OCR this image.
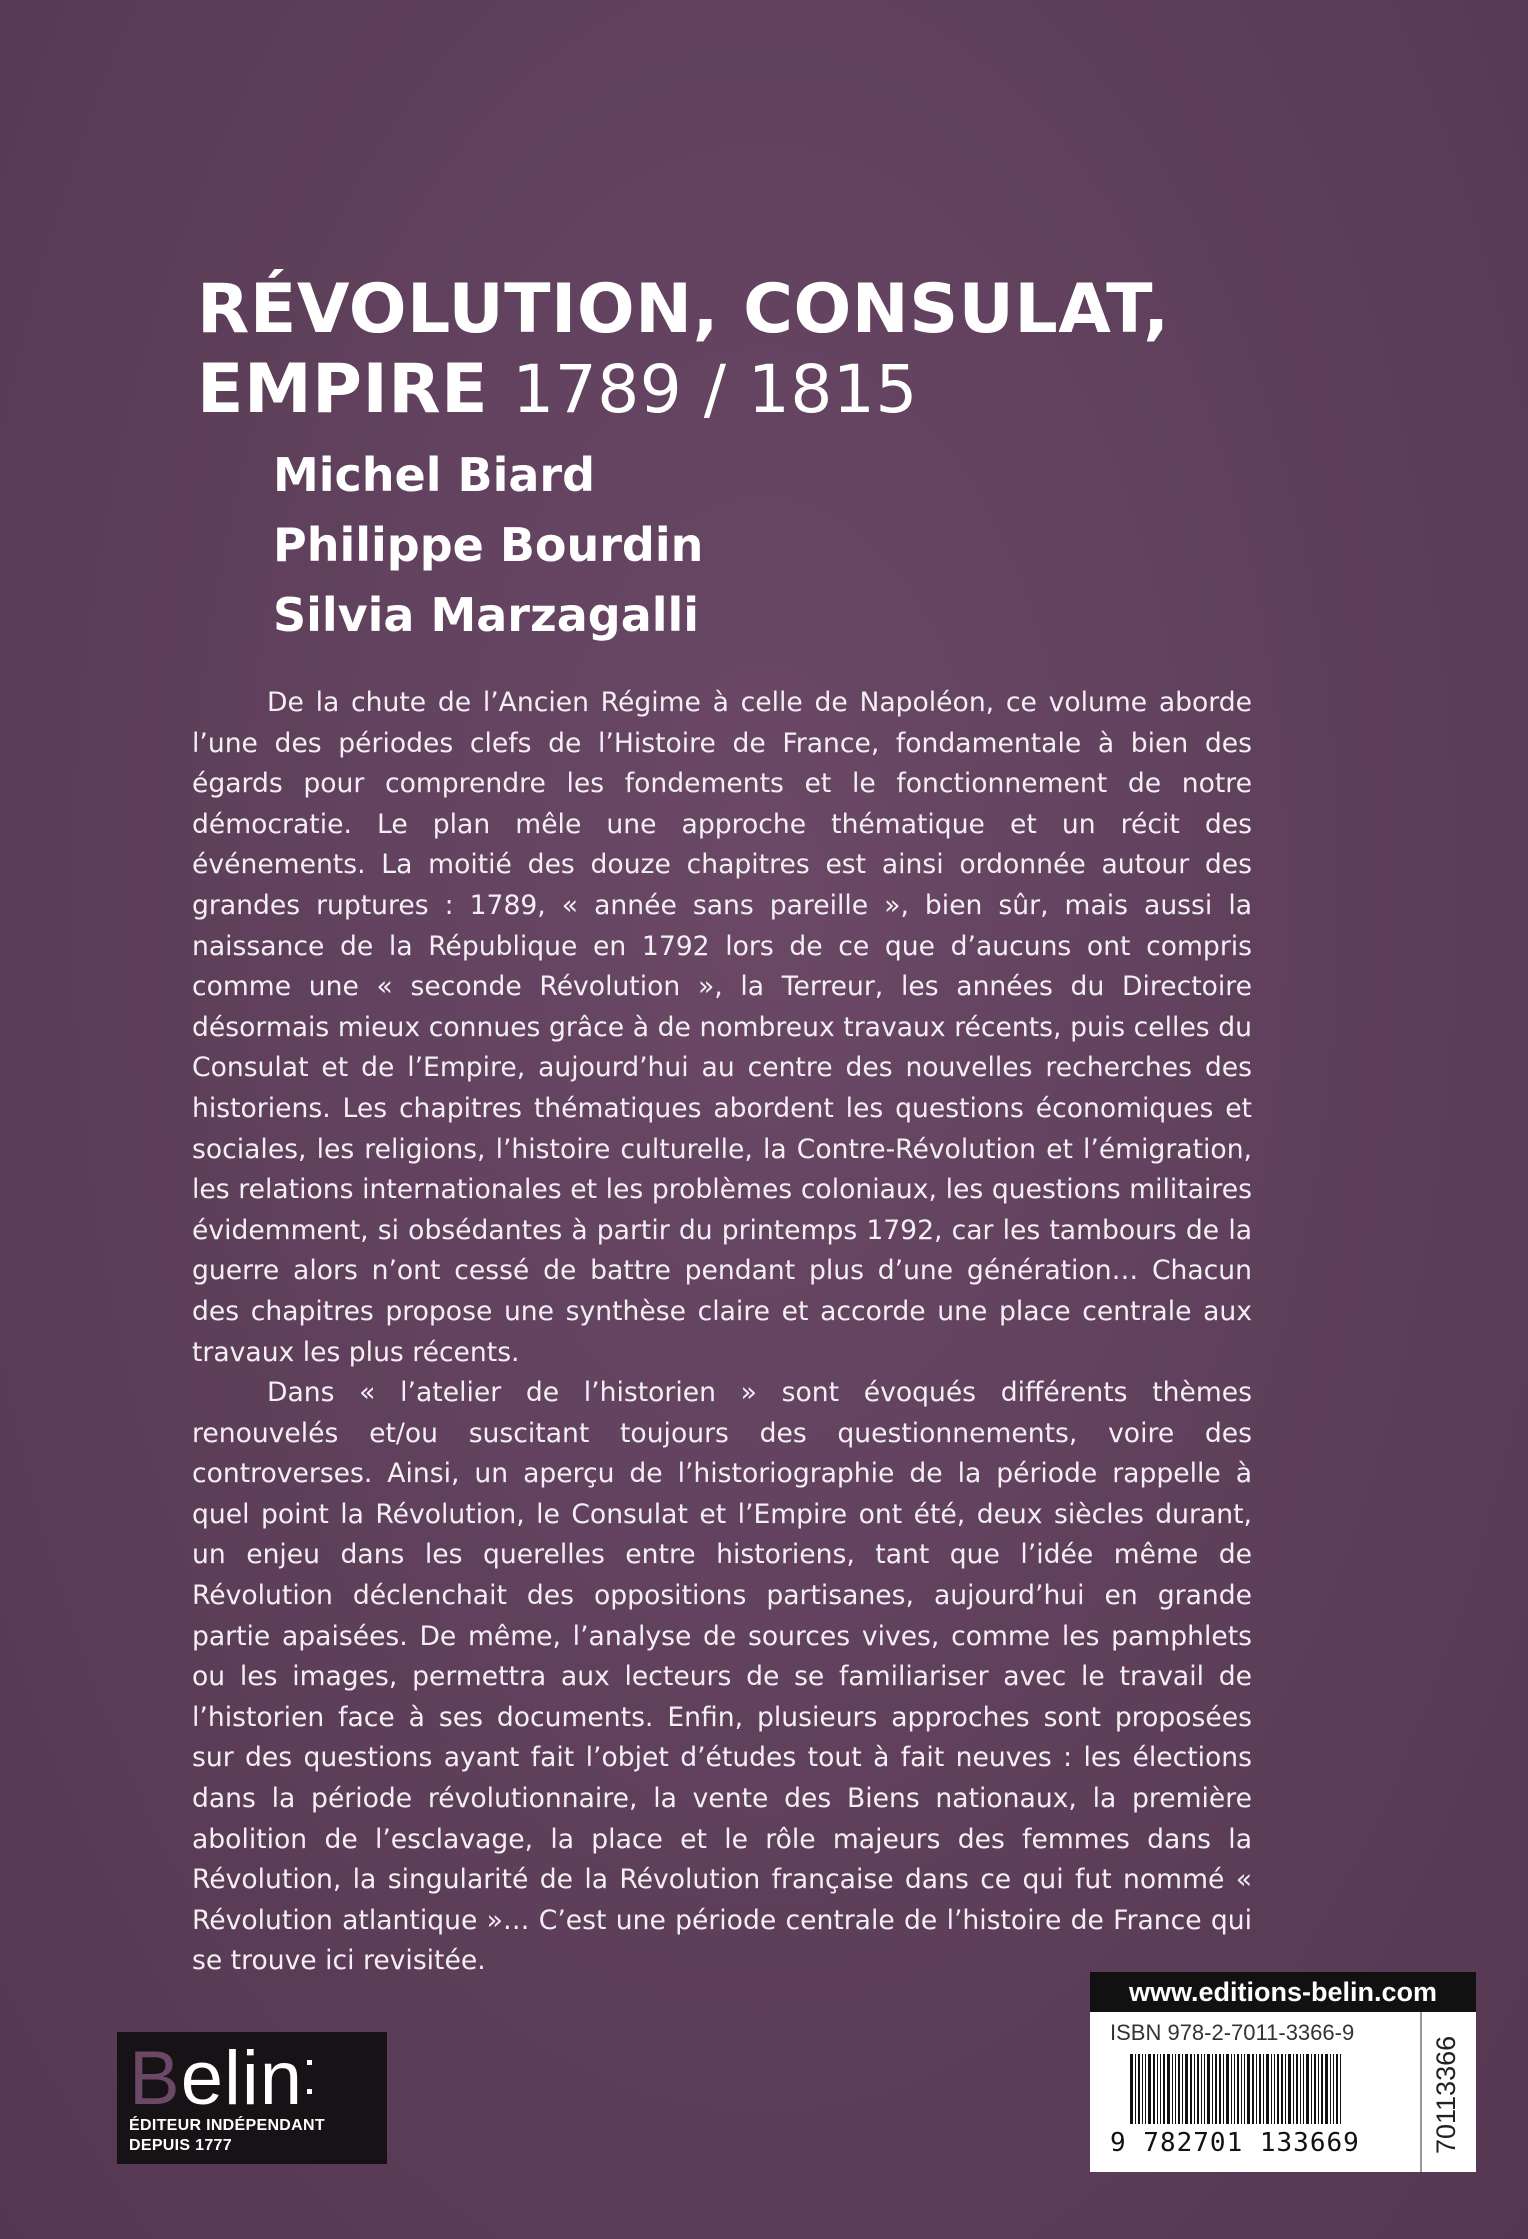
RÉVOLUTION, CONSULAT,
EMPIRE 1789 / 1815
Michel Biard
Philippe Bourdin
Silvia Marzagalli

De la chute de l’Ancien Régime à celle de Napoléon, ce volume aborde l’une des périodes clefs de l’Histoire de France, fondamentale à bien des égards pour comprendre les fondements et le fonctionnement de notre démocratie. Le plan mêle une approche thématique et un récit des événements. La moitié des douze chapitres est ainsi ordonnée autour des grandes ruptures : 1789, « année sans pareille », bien sûr, mais aussi la naissance de la République en 1792 lors de ce que d’aucuns ont compris comme une « seconde Révolution », la Terreur, les années du Directoire désormais mieux connues grâce à de nombreux travaux récents, puis celles du Consulat et de l’Empire, aujourd’hui au centre des nouvelles recherches des historiens. Les chapitres thématiques abordent les questions économiques et sociales, les religions, l’histoire culturelle, la Contre-Révolution et l’émigration, les relations internationales et les problèmes coloniaux, les questions militaires évidemment, si obsédantes à partir du printemps 1792, car les tambours de la guerre alors n’ont cessé de battre pendant plus d’une génération… Chacun des chapitres propose une synthèse claire et accorde une place centrale aux travaux les plus récents.

Dans « l’atelier de l’historien » sont évoqués différents thèmes renouvelés et/ou suscitant toujours des questionnements, voire des controverses. Ainsi, un aperçu de l’historiographie de la période rappelle à quel point la Révolution, le Consulat et l’Empire ont été, deux siècles durant, un enjeu dans les querelles entre historiens, tant que l’idée même de Révolution déclenchait des oppositions partisanes, aujourd’hui en grande partie apaisées. De même, l’analyse de sources vives, comme les pamphlets ou les images, permettra aux lecteurs de se familiariser avec le travail de l’historien face à ses documents. Enfin, plusieurs approches sont proposées sur des questions ayant fait l’objet d’études tout à fait neuves : les élections dans la période révolutionnaire, la vente des Biens nationaux, la première abolition de l’esclavage, la place et le rôle majeurs des femmes dans la Révolution, la singularité de la Révolution française dans ce qui fut nommé « Révolution atlantique »… C’est une période centrale de l’histoire de France qui se trouve ici revisitée.

Belin
ÉDITEUR INDÉPENDANT
DEPUIS 1777
www.editions-belin.com
ISBN 978-2-7011-3366-9
9 782701 133669	70113366
